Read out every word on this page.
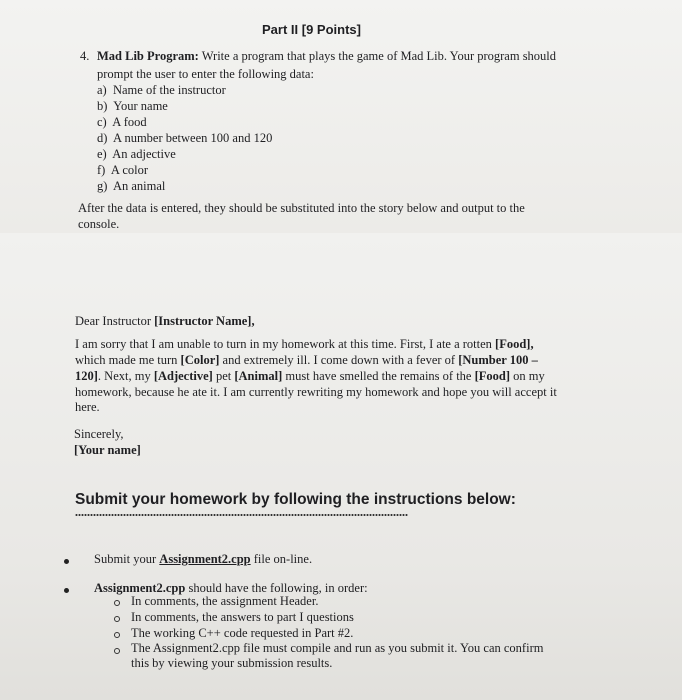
Part II [9 Points]
4. Mad Lib Program: Write a program that plays the game of Mad Lib. Your program should
prompt the user to enter the following data:
a) Name of the instructor
b) Your name
c) A food
d) A number between 100 and 120
e) An adjective
f) A color
g) An animal
After the data is entered, they should be substituted into the story below and output to the
console.
Dear Instructor [Instructor Name],
I am sorry that I am unable to turn in my homework at this time. First, I ate a rotten [Food],
which made me turn [Color] and extremely ill. I come down with a fever of [Number 100 –
120]. Next, my [Adjective] pet [Animal] must have smelled the remains of the [Food] on my
homework, because he ate it. I am currently rewriting my homework and hope you will accept it
here.
Sincerely,
[Your name]
Submit your homework by following the instructions below:
Submit your Assignment2.cpp file on-line.
Assignment2.cpp should have the following, in order:
In comments, the assignment Header.
In comments, the answers to part I questions
The working C++ code requested in Part #2.
The Assignment2.cpp file must compile and run as you submit it. You can confirm
this by viewing your submission results.
